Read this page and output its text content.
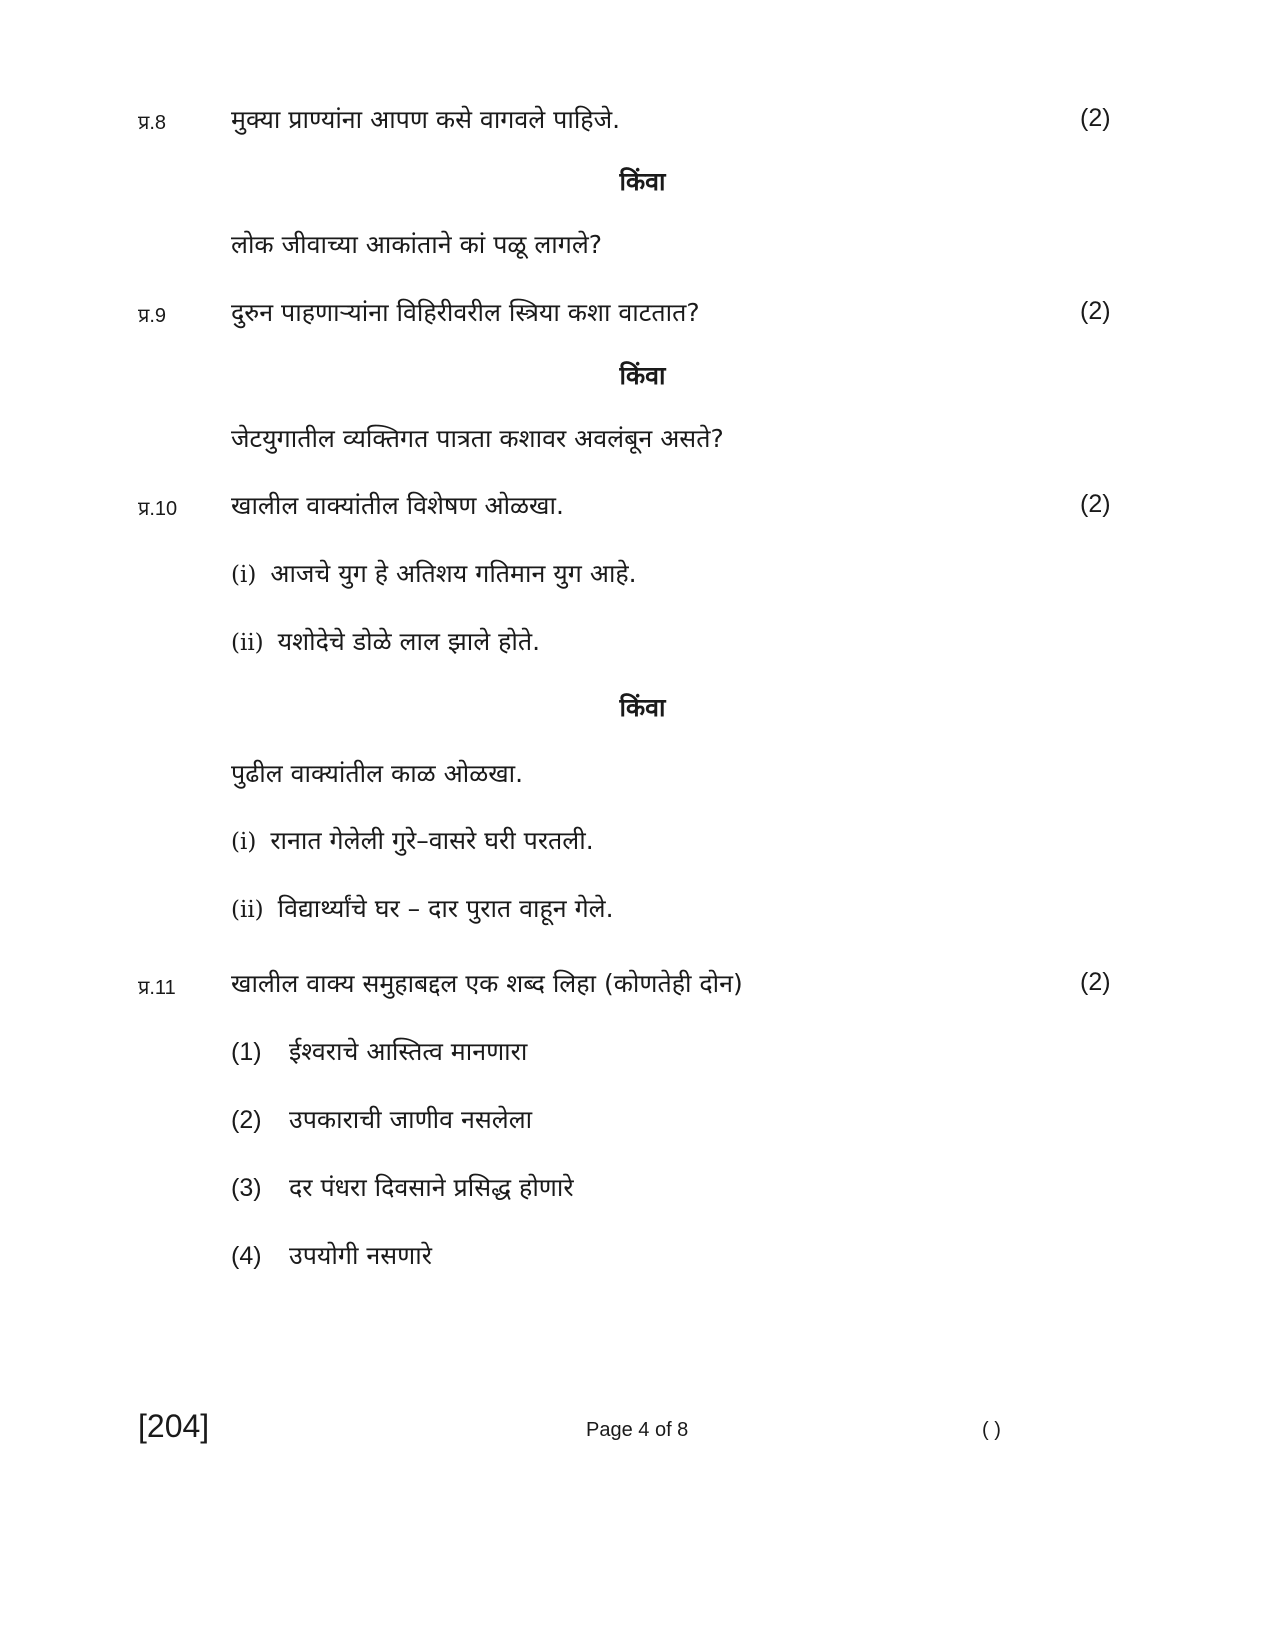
प्र.8	मुक्या प्राण्यांना आपण कसे वागवले पाहिजे.	(2)
किंवा
लोक जीवाच्या आकांताने कां पळू लागले?
प्र.9	दुरुन पाहणाऱ्यांना विहिरीवरील स्त्रिया कशा वाटतात?	(2)
किंवा
जेटयुगातील व्यक्तिगत पात्रता कशावर अवलंबून असते?
प्र.10 खालील वाक्यांतील विशेषण ओळखा.	(2)
(i) आजचे युग हे अतिशय गतिमान युग आहे.
(ii) यशोदेचे डोळे लाल झाले होते.
किंवा
पुढील वाक्यांतील काळ ओळखा.
(i) रानात गेलेली गुरे–वासरे घरी परतली.
(ii) विद्यार्थ्यांचे घर – दार पुरात वाहून गेले.
प्र.11 खालील वाक्य समुहाबद्दल एक शब्द लिहा (कोणतेही दोन)	(2)
(1) ईश्वराचे आस्तित्व मानणारा
(2) उपकाराची जाणीव नसलेला
(3) दर पंधरा दिवसाने प्रसिद्ध होणारे
(4) उपयोगी नसणारे
[204]	Page 4 of 8	( )
